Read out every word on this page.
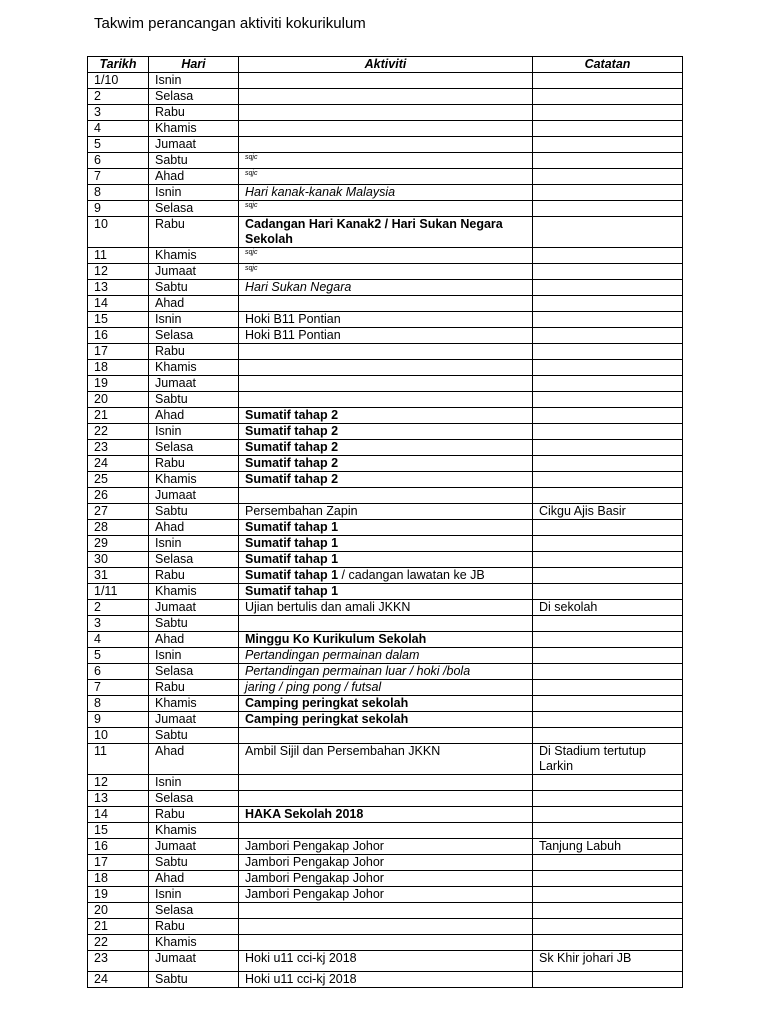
Takwim perancangan aktiviti kokurikulum
Tarikh	Hari	Aktiviti	Catatan
1/10	Isnin		
2	Selasa		
3	Rabu		
4	Khamis		
5	Jumaat		
6	Sabtu	$^{sqjc}$	
7	Ahad	$^{sqjc}$	
8	Isnin	Hari kanak-kanak Malaysia	
9	Selasa	$^{sqjc}$	
10	Rabu	Cadangan Hari Kanak2 / Hari Sukan Negara Sekolah	
11	Khamis	$^{sqjc}$	
12	Jumaat	$^{sqjc}$	
13	Sabtu	Hari Sukan Negara	
14	Ahad		
15	Isnin	Hoki B11 Pontian	
16	Selasa	Hoki B11 Pontian	
17	Rabu		
18	Khamis		
19	Jumaat		
20	Sabtu		
21	Ahad	Sumatif tahap 2	
22	Isnin	Sumatif tahap 2	
23	Selasa	Sumatif tahap 2	
24	Rabu	Sumatif tahap 2	
25	Khamis	Sumatif tahap 2	
26	Jumaat		
27	Sabtu	Persembahan Zapin	Cikgu Ajis Basir
28	Ahad	Sumatif tahap 1	
29	Isnin	Sumatif tahap 1	
30	Selasa	Sumatif tahap 1	
31	Rabu	Sumatif tahap 1 / cadangan lawatan ke JB	
1/11	Khamis	Sumatif tahap 1	
2	Jumaat	Ujian bertulis dan amali JKKN	Di sekolah
3	Sabtu		
4	Ahad	Minggu Ko Kurikulum Sekolah	
5	Isnin	Pertandingan permainan dalam	
6	Selasa	Pertandingan permainan luar / hoki /bola	
7	Rabu	jaring / ping pong / futsal	
8	Khamis	Camping peringkat sekolah	
9	Jumaat	Camping peringkat sekolah	
10	Sabtu		
11	Ahad	Ambil Sijil dan Persembahan JKKN	Di Stadium tertutup Larkin
12	Isnin		
13	Selasa		
14	Rabu	HAKA Sekolah 2018	
15	Khamis		
16	Jumaat	Jambori Pengakap Johor	Tanjung Labuh
17	Sabtu	Jambori Pengakap Johor	
18	Ahad	Jambori Pengakap Johor	
19	Isnin	Jambori Pengakap Johor	
20	Selasa		
21	Rabu		
22	Khamis		
23	Jumaat	Hoki u11 cci-kj 2018	Sk Khir johari JB
24	Sabtu	Hoki u11 cci-kj 2018	
